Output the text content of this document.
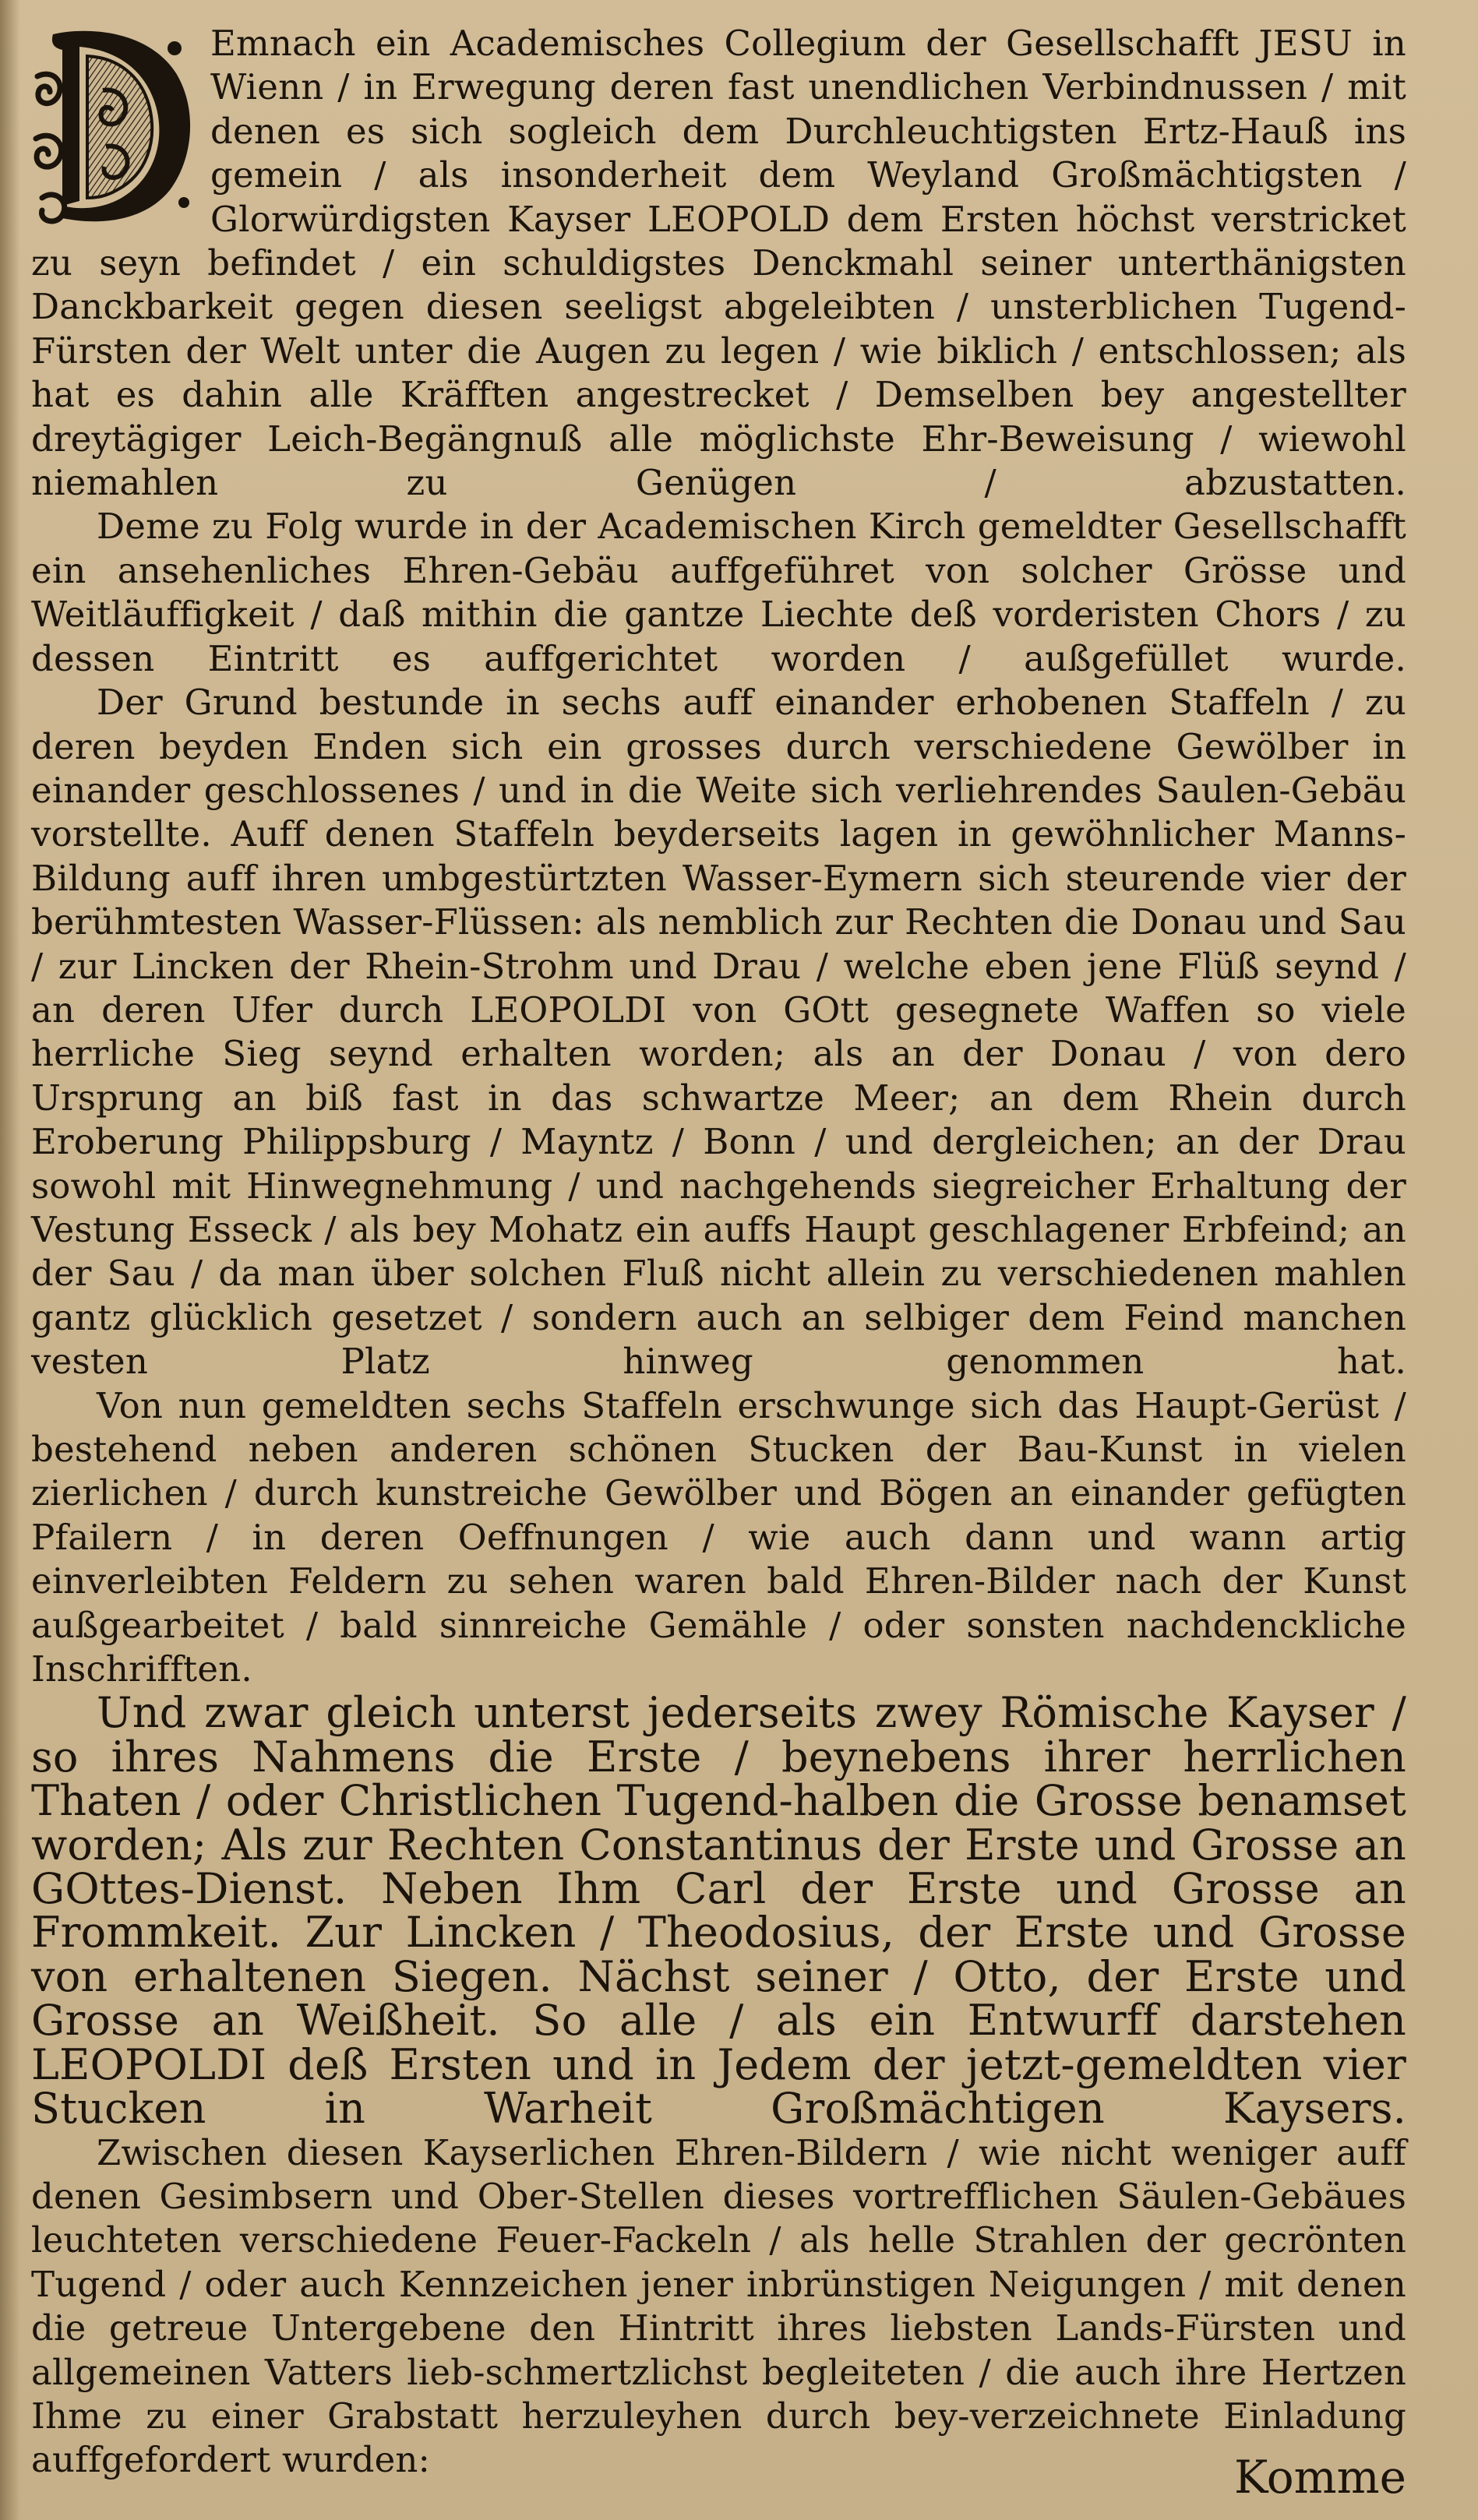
Emnach ein Academisches Collegium der Gesellschafft JESU in Wienn / in Erwegung deren fast unendlichen Verbindnussen / mit denen es sich sogleich dem Durchleuchtigsten Ertz-Hauß ins gemein / als insonderheit dem Weyland Großmächtigsten / Glorwürdigsten Kayser LEOPOLD dem Ersten höchst verstricket zu seyn befindet / ein schuldigstes Denckmahl seiner unterthänigsten Danckbarkeit gegen diesen seeligst abgeleibten / unsterblichen Tugend-Fürsten der Welt unter die Augen zu legen / wie biklich / entschlossen; als hat es dahin alle Kräfften angestrecket / Demselben bey angestellter dreytägiger Leich-Begängnuß alle möglichste Ehr-Beweisung / wiewohl niemahlen zu Genügen / abzustatten.

Deme zu Folg wurde in der Academischen Kirch gemeldter Gesellschafft ein ansehenliches Ehren-Gebäu auffgeführet von solcher Grösse und Weitläuffigkeit / daß mithin die gantze Liechte deß vorderisten Chors / zu dessen Eintritt es auffgerichtet worden / außgefüllet wurde.

Der Grund bestunde in sechs auff einander erhobenen Staffeln / zu deren beyden Enden sich ein grosses durch verschiedene Gewölber in einander geschlossenes / und in die Weite sich verliehrendes Saulen-Gebäu vorstellte. Auff denen Staffeln beyderseits lagen in gewöhnlicher Manns-Bildung auff ihren umbgestürtzten Wasser-Eymern sich steurende vier der berühmtesten Wasser-Flüssen: als nemblich zur Rechten die Donau und Sau / zur Lincken der Rhein-Strohm und Drau / welche eben jene Flüß seynd / an deren Ufer durch LEOPOLDI von GOtt gesegnete Waffen so viele herrliche Sieg seynd erhalten worden; als an der Donau / von dero Ursprung an biß fast in das schwartze Meer; an dem Rhein durch Eroberung Philippsburg / Mayntz / Bonn / und dergleichen; an der Drau sowohl mit Hinwegnehmung / und nachgehends siegreicher Erhaltung der Vestung Esseck / als bey Mohatz ein auffs Haupt geschlagener Erbfeind; an der Sau / da man über solchen Fluß nicht allein zu verschiedenen mahlen gantz glücklich gesetzet / sondern auch an selbiger dem Feind manchen vesten Platz hinweg genommen hat.

Von nun gemeldten sechs Staffeln erschwunge sich das Haupt-Gerüst / bestehend neben anderen schönen Stucken der Bau-Kunst in vielen zierlichen / durch kunstreiche Gewölber und Bögen an einander gefügten Pfailern / in deren Oeffnungen / wie auch dann und wann artig einverleibten Feldern zu sehen waren bald Ehren-Bilder nach der Kunst außgearbeitet / bald sinnreiche Gemähle / oder sonsten nachdenckliche Inschrifften.

Und zwar gleich unterst jederseits zwey Römische Kayser / so ihres Nahmens die Erste / beynebens ihrer herrlichen Thaten / oder Christlichen Tugend-halben die Grosse benamset worden; Als zur Rechten Constantinus der Erste und Grosse an GOttes-Dienst. Neben Ihm Carl der Erste und Grosse an Frommkeit. Zur Lincken / Theodosius, der Erste und Grosse von erhaltenen Siegen. Nächst seiner / Otto, der Erste und Grosse an Weißheit. So alle / als ein Entwurff darstehen LEOPOLDI deß Ersten und in Jedem der jetzt-gemeldten vier Stucken in Warheit Großmächtigen Kaysers.

Zwischen diesen Kayserlichen Ehren-Bildern / wie nicht weniger auff denen Gesimbsern und Ober-Stellen dieses vortrefflichen Säulen-Gebäues leuchteten verschiedene Feuer-Fackeln / als helle Strahlen der gecrönten Tugend / oder auch Kennzeichen jener inbrünstigen Neigungen / mit denen die getreue Untergebene den Hintritt ihres liebsten Lands-Fürsten und allgemeinen Vatters lieb-schmertzlichst begleiteten / die auch ihre Hertzen Ihme zu einer Grabstatt herzuleyhen durch bey-verzeichnete Einladung auffgefordert wurden:	Komme
